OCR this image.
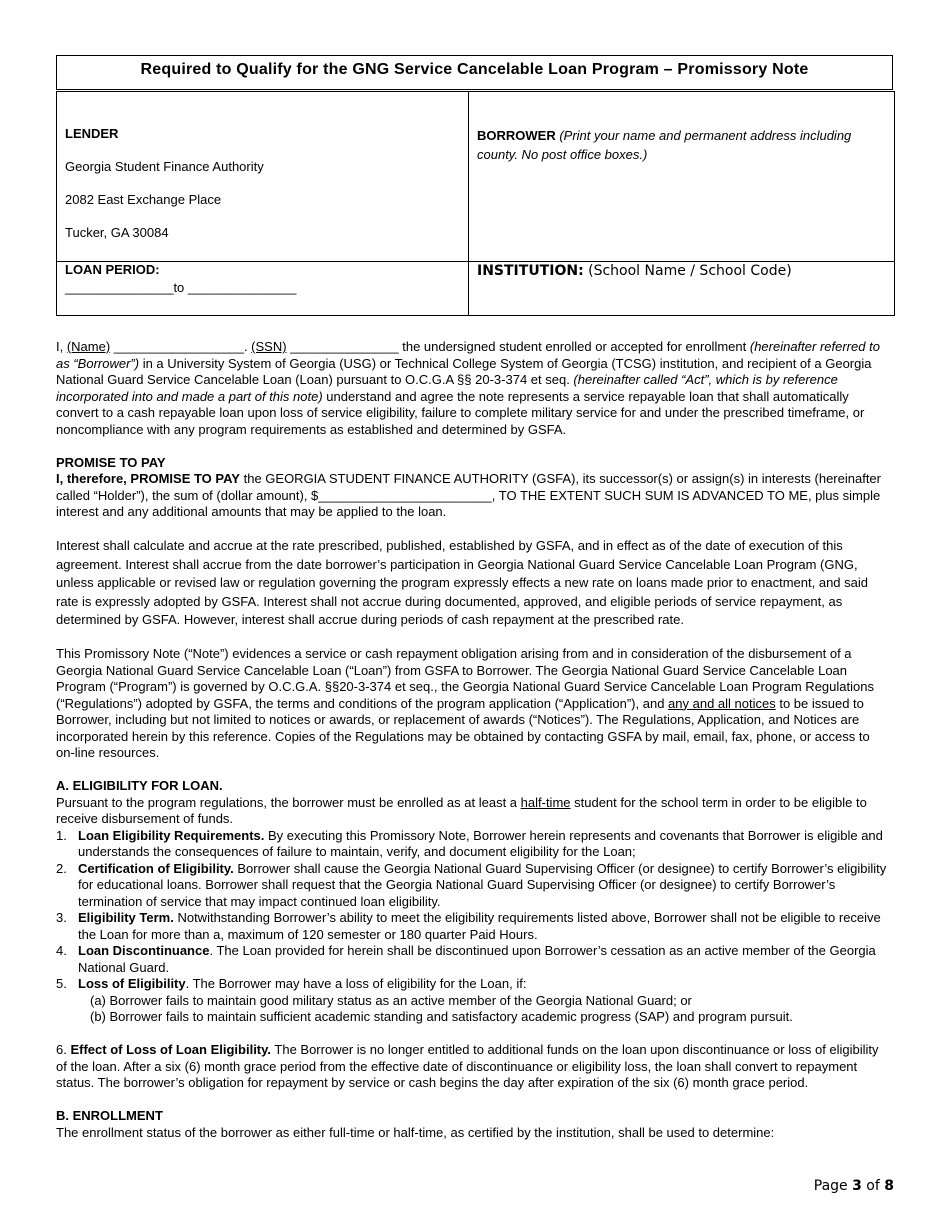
Required to Qualify for the GNG Service Cancelable Loan Program – Promissory Note
LENDER
Georgia Student Finance Authority
2082 East Exchange Place
Tucker, GA 30084	BORROWER (Print your name and permanent address including county. No post office boxes.)

LOAN PERIOD:
_______________to _______________	INSTITUTION: (School Name / School Code)

I, (Name) __________________. (SSN) _______________ the undersigned student enrolled or accepted for enrollment (hereinafter referred to as “Borrower”) in a University System of Georgia (USG) or Technical College System of Georgia (TCSG) institution, and recipient of a Georgia National Guard Service Cancelable Loan (Loan) pursuant to O.C.G.A §§ 20-3-374 et seq. (hereinafter called “Act”, which is by reference incorporated into and made a part of this note) understand and agree the note represents a service repayable loan that shall automatically convert to a cash repayable loan upon loss of service eligibility, failure to complete military service for and under the prescribed timeframe, or noncompliance with any program requirements as established and determined by GSFA.

PROMISE TO PAY

I, therefore, PROMISE TO PAY the GEORGIA STUDENT FINANCE AUTHORITY (GSFA), its successor(s) or assign(s) in interests (hereinafter called “Holder”), the sum of (dollar amount), $________________________, TO THE EXTENT SUCH SUM IS ADVANCED TO ME, plus simple interest and any additional amounts that may be applied to the loan.

Interest shall calculate and accrue at the rate prescribed, published, established by GSFA, and in effect as of the date of execution of this agreement. Interest shall accrue from the date borrower’s participation in Georgia National Guard Service Cancelable Loan Program (GNG, unless applicable or revised law or regulation governing the program expressly effects a new rate on loans made prior to enactment, and said rate is expressly adopted by GSFA. Interest shall not accrue during documented, approved, and eligible periods of service repayment, as determined by GSFA. However, interest shall accrue during periods of cash repayment at the prescribed rate.

This Promissory Note (“Note”) evidences a service or cash repayment obligation arising from and in consideration of the disbursement of a Georgia National Guard Service Cancelable Loan (“Loan”) from GSFA to Borrower. The Georgia National Guard Service Cancelable Loan Program (“Program”) is governed by O.C.G.A. §§20-3-374 et seq., the Georgia National Guard Service Cancelable Loan Program Regulations (“Regulations”) adopted by GSFA, the terms and conditions of the program application (“Application”), and any and all notices to be issued to Borrower, including but not limited to notices or awards, or replacement of awards (“Notices”). The Regulations, Application, and Notices are incorporated herein by this reference. Copies of the Regulations may be obtained by contacting GSFA by mail, email, fax, phone, or access to on-line resources.

A. ELIGIBILITY FOR LOAN.

Pursuant to the program regulations, the borrower must be enrolled as at least a half-time student for the school term in order to be eligible to receive disbursement of funds.

1. Loan Eligibility Requirements. By executing this Promissory Note, Borrower herein represents and covenants that Borrower is eligible and understands the consequences of failure to maintain, verify, and document eligibility for the Loan;
2. Certification of Eligibility. Borrower shall cause the Georgia National Guard Supervising Officer (or designee) to certify Borrower’s eligibility for educational loans. Borrower shall request that the Georgia National Guard Supervising Officer (or designee) to certify Borrower’s termination of service that may impact continued loan eligibility.
3. Eligibility Term. Notwithstanding Borrower’s ability to meet the eligibility requirements listed above, Borrower shall not be eligible to receive the Loan for more than a, maximum of 120 semester or 180 quarter Paid Hours.
4. Loan Discontinuance. The Loan provided for herein shall be discontinued upon Borrower’s cessation as an active member of the Georgia National Guard.
5. Loss of Eligibility. The Borrower may have a loss of eligibility for the Loan, if:
(a) Borrower fails to maintain good military status as an active member of the Georgia National Guard; or
(b) Borrower fails to maintain sufficient academic standing and satisfactory academic progress (SAP) and program pursuit.

6. Effect of Loss of Loan Eligibility. The Borrower is no longer entitled to additional funds on the loan upon discontinuance or loss of eligibility of the loan. After a six (6) month grace period from the effective date of discontinuance or eligibility loss, the loan shall convert to repayment status. The borrower’s obligation for repayment by service or cash begins the day after expiration of the six (6) month grace period.

B. ENROLLMENT

The enrollment status of the borrower as either full-time or half-time, as certified by the institution, shall be used to determine:

Page 3 of 8
